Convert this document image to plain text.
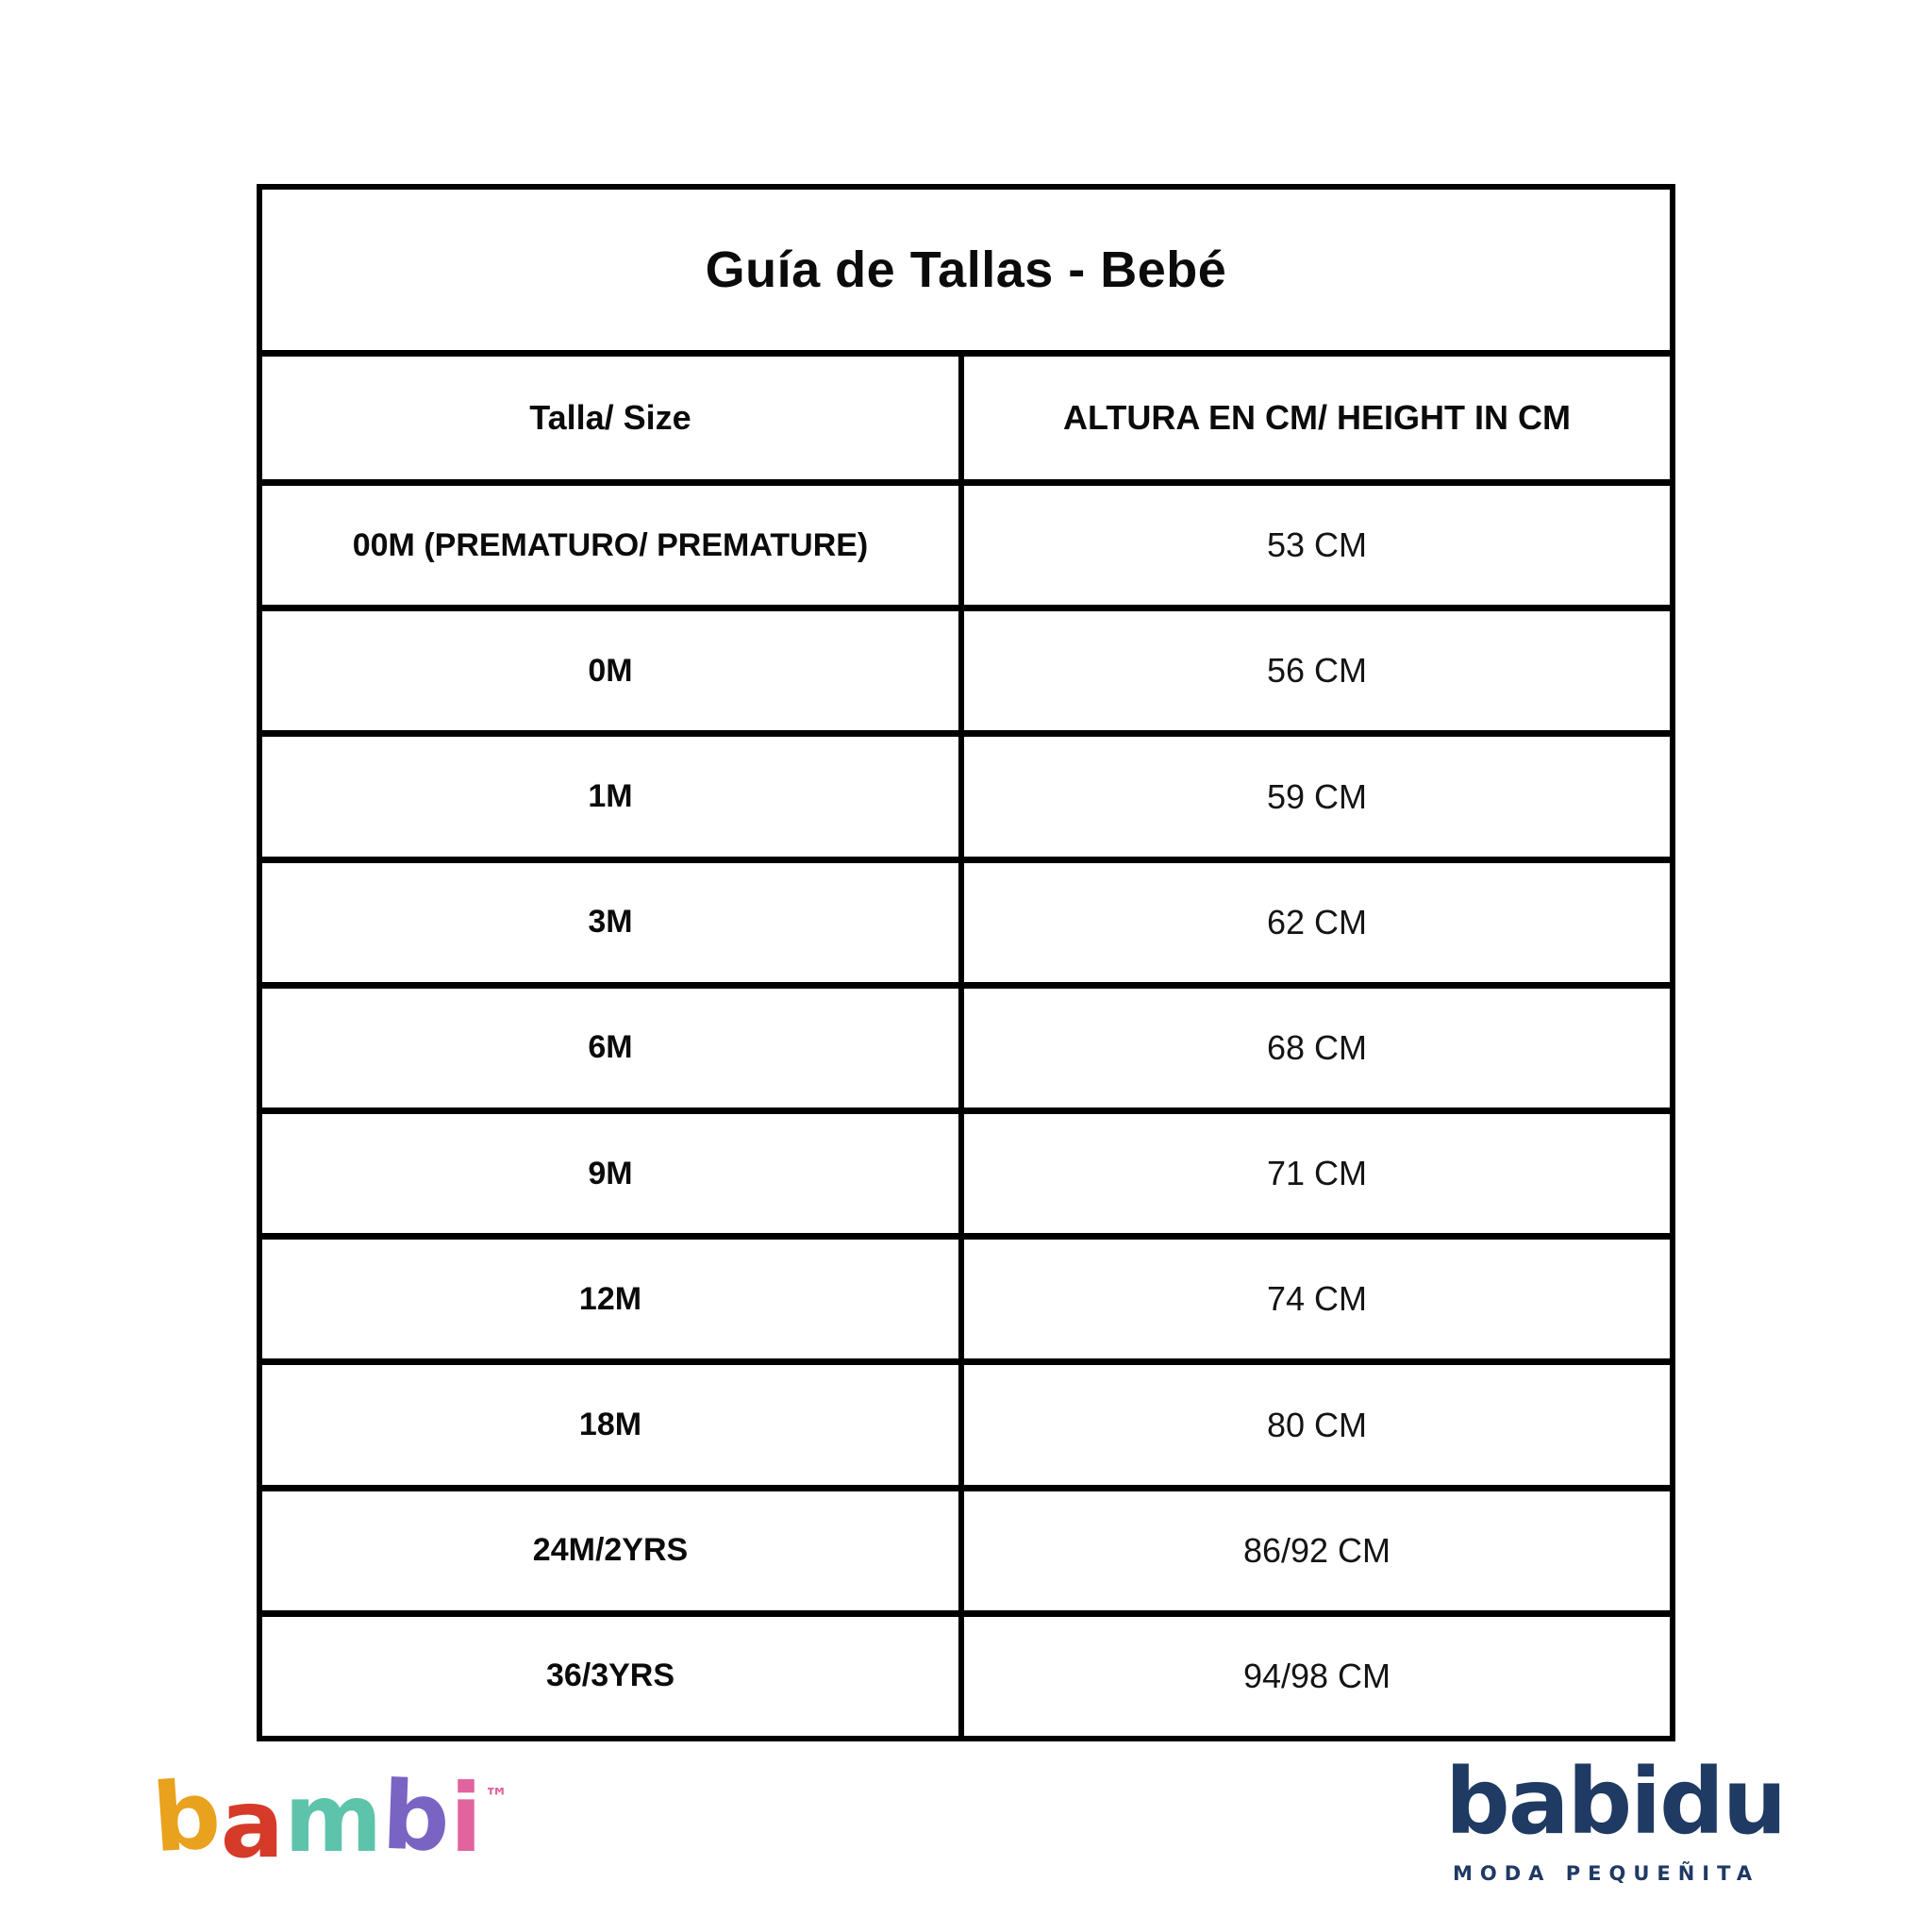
Guía de Tallas - Bebé
Talla/ Size	ALTURA EN CM/ HEIGHT IN CM
00M (PREMATURO/ PREMATURE)	53 CM
0M	56 CM
1M	59 CM
3M	62 CM
6M	68 CM
9M	71 CM
12M	74 CM
18M	80 CM
24M/2YRS	86/92 CM
36/3YRS	94/98 CM
bambi™	babidu
MODA PEQUEÑITA
